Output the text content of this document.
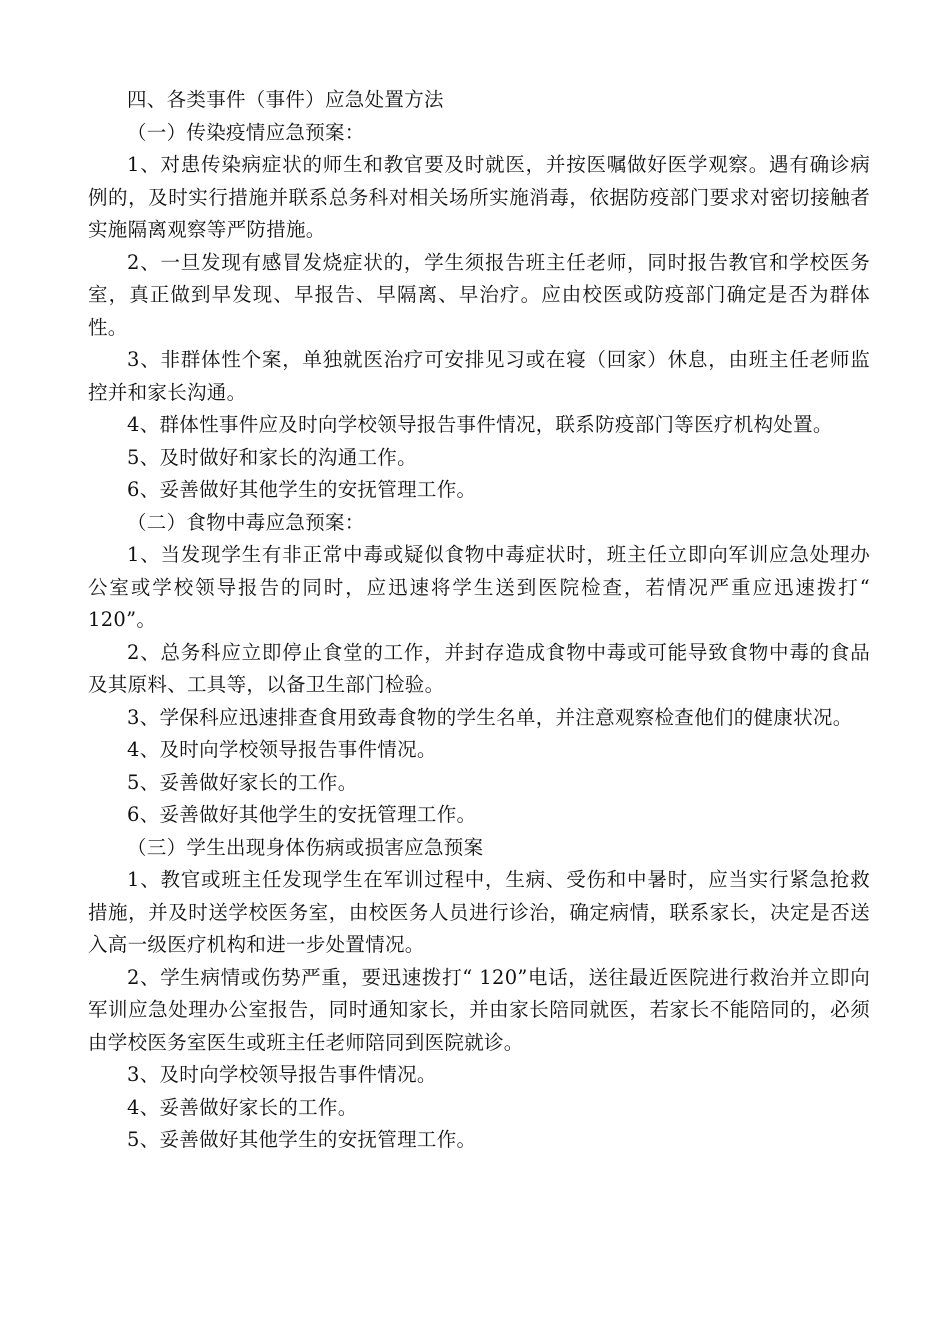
四、各类事件（事件）应急处置方法

（一）传染疫情应急预案：

1、对患传染病症状的师生和教官要及时就医，并按医嘱做好医学观察。遇有确诊病例的，及时实行措施并联系总务科对相关场所实施消毒，依据防疫部门要求对密切接触者实施隔离观察等严防措施。

2、一旦发现有感冒发烧症状的，学生须报告班主任老师，同时报告教官和学校医务室，真正做到早发现、早报告、早隔离、早治疗。应由校医或防疫部门确定是否为群体性。

3、非群体性个案，单独就医治疗可安排见习或在寝（回家）休息，由班主任老师监控并和家长沟通。

4、群体性事件应及时向学校领导报告事件情况，联系防疫部门等医疗机构处置。

5、及时做好和家长的沟通工作。

6、妥善做好其他学生的安抚管理工作。

（二）食物中毒应急预案：

1、当发现学生有非正常中毒或疑似食物中毒症状时，班主任立即向军训应急处理办公室或学校领导报告的同时，应迅速将学生送到医院检查，若情况严重应迅速拨打“ 120”。

2、总务科应立即停止食堂的工作，并封存造成食物中毒或可能导致食物中毒的食品及其原料、工具等，以备卫生部门检验。

3、学保科应迅速排查食用致毒食物的学生名单，并注意观察检查他们的健康状况。

4、及时向学校领导报告事件情况。

5、妥善做好家长的工作。

6、妥善做好其他学生的安抚管理工作。

（三）学生出现身体伤病或损害应急预案

1、教官或班主任发现学生在军训过程中，生病、受伤和中暑时，应当实行紧急抢救措施，并及时送学校医务室，由校医务人员进行诊治，确定病情，联系家长，决定是否送入高一级医疗机构和进一步处置情况。

2、学生病情或伤势严重，要迅速拨打“ 120”电话，送往最近医院进行救治并立即向军训应急处理办公室报告，同时通知家长，并由家长陪同就医，若家长不能陪同的，必须由学校医务室医生或班主任老师陪同到医院就诊。

3、及时向学校领导报告事件情况。

4、妥善做好家长的工作。

5、妥善做好其他学生的安抚管理工作。
